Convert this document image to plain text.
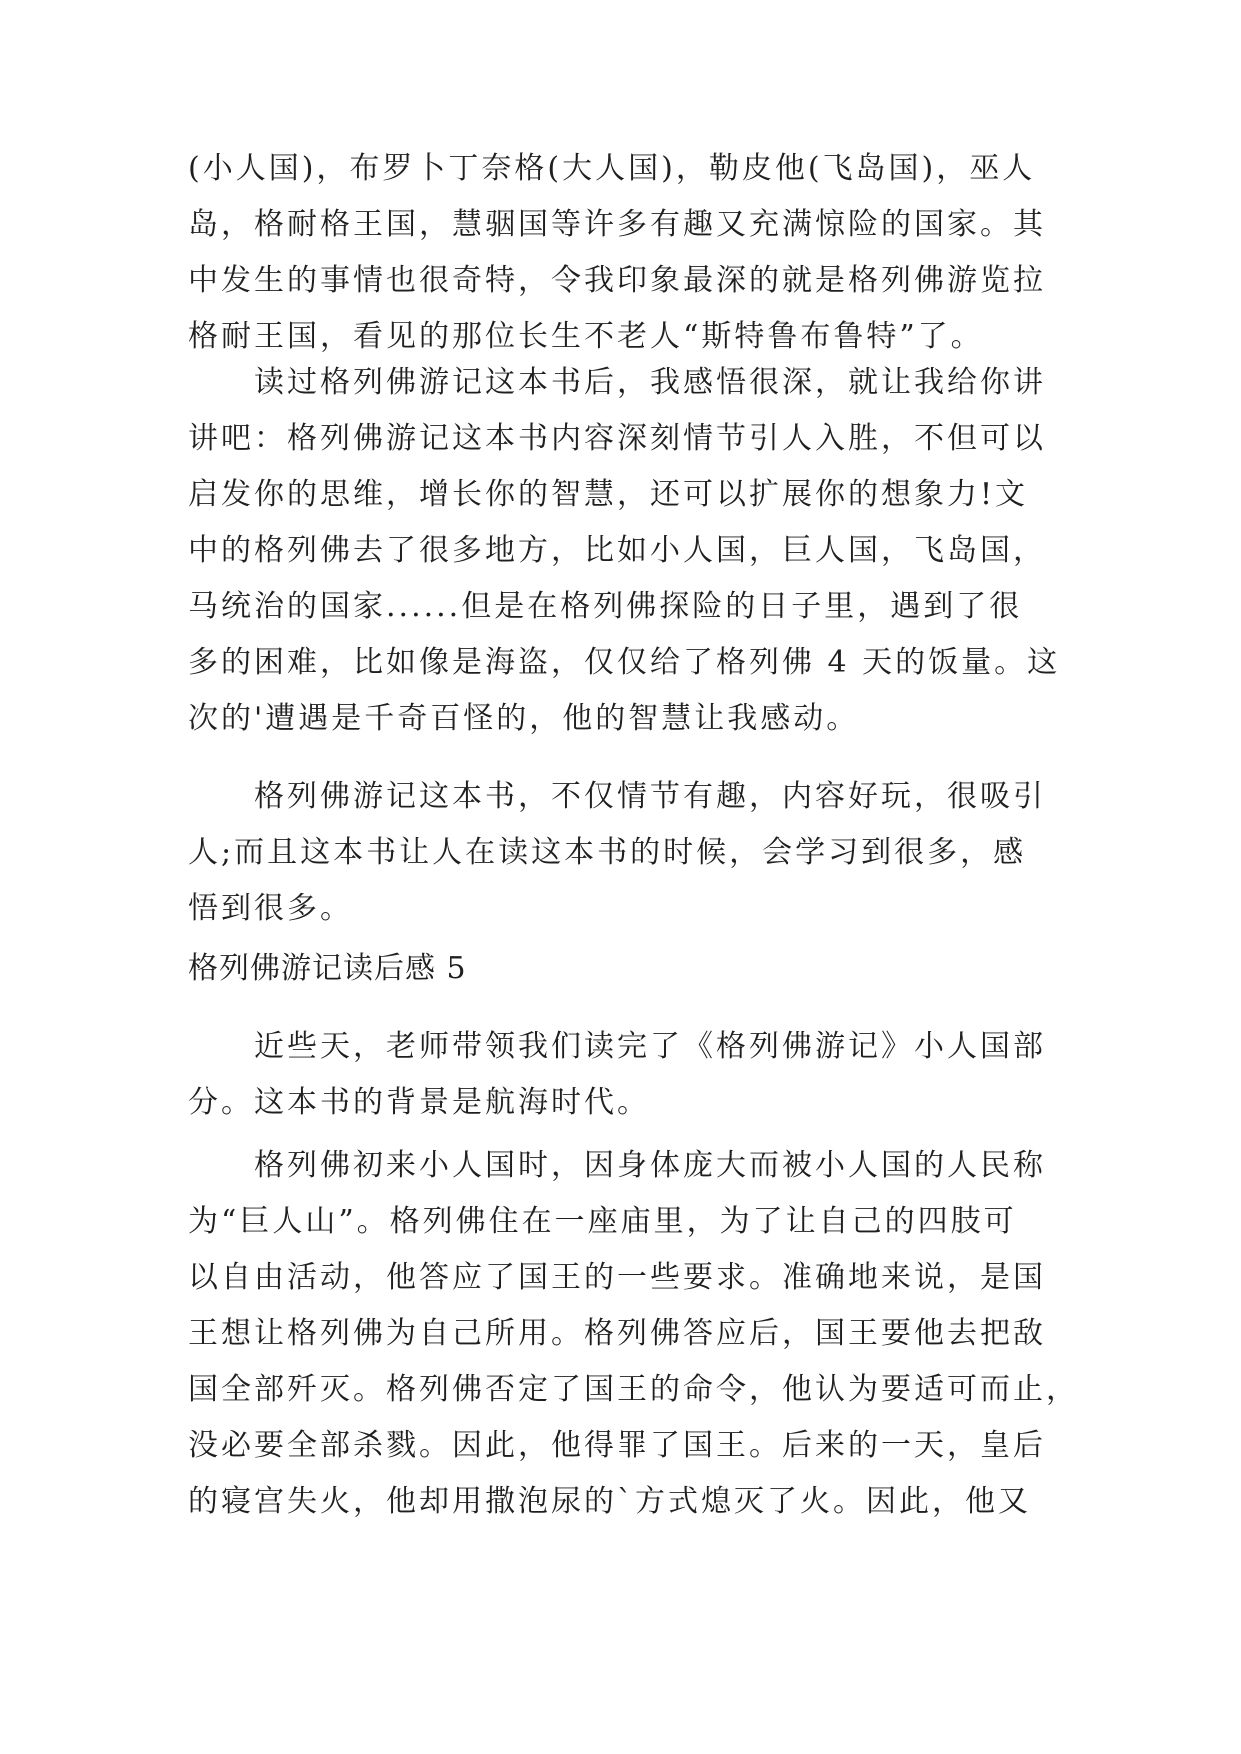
(小人国)，布罗卜丁奈格(大人国)，勒皮他(飞岛国)，巫人
岛，格耐格王国，慧骃国等许多有趣又充满惊险的国家。其
中发生的事情也很奇特，令我印象最深的就是格列佛游览拉
格耐王国，看见的那位长生不老人“斯特鲁布鲁特”了。
　　读过格列佛游记这本书后，我感悟很深，就让我给你讲
讲吧：格列佛游记这本书内容深刻情节引人入胜，不但可以
启发你的思维，增长你的智慧，还可以扩展你的想象力!文
中的格列佛去了很多地方，比如小人国，巨人国，飞岛国，
马统治的国家......但是在格列佛探险的日子里，遇到了很
多的困难，比如像是海盗，仅仅给了格列佛 4 天的饭量。这
次的'遭遇是千奇百怪的，他的智慧让我感动。
　　格列佛游记这本书，不仅情节有趣，内容好玩，很吸引
人;而且这本书让人在读这本书的时候，会学习到很多，感
悟到很多。
格列佛游记读后感 5
　　近些天，老师带领我们读完了《格列佛游记》小人国部
分。这本书的背景是航海时代。
　　格列佛初来小人国时，因身体庞大而被小人国的人民称
为“巨人山”。格列佛住在一座庙里，为了让自己的四肢可
以自由活动，他答应了国王的一些要求。准确地来说，是国
王想让格列佛为自己所用。格列佛答应后，国王要他去把敌
国全部歼灭。格列佛否定了国王的命令，他认为要适可而止，
没必要全部杀戮。因此，他得罪了国王。后来的一天，皇后
的寝宫失火，他却用撒泡尿的`方式熄灭了火。因此，他又
